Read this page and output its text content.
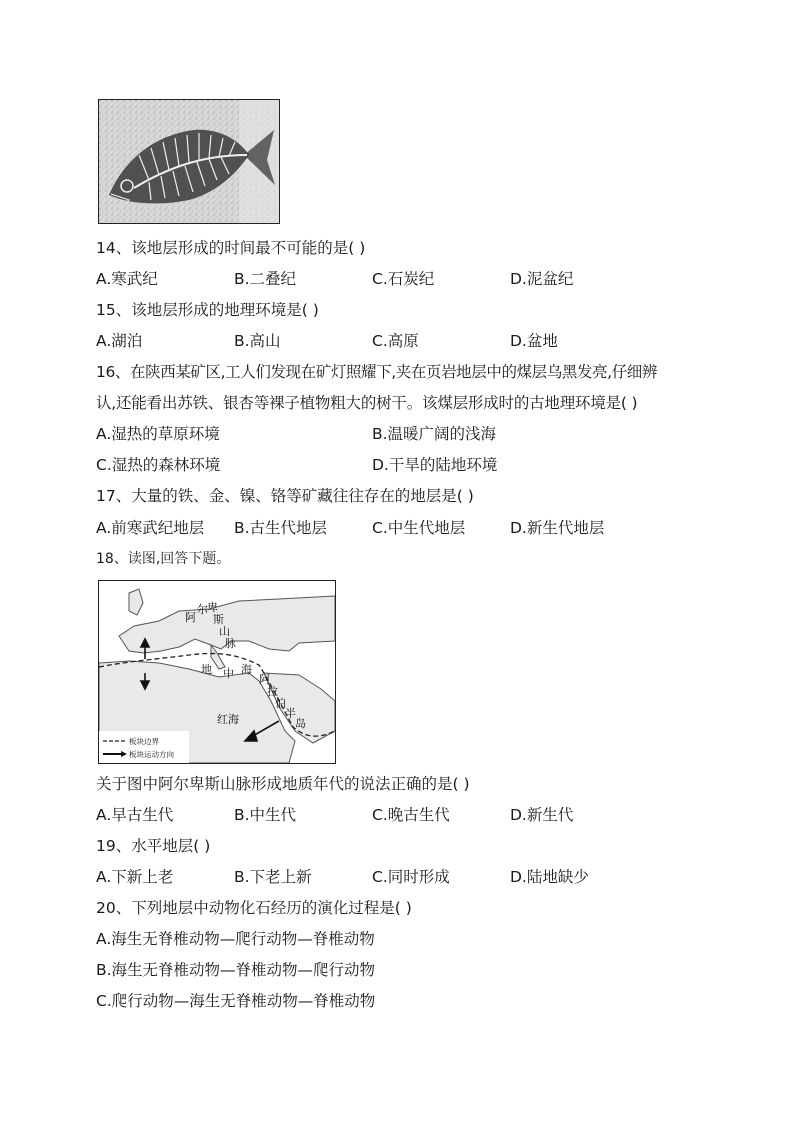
14、该地层形成的时间最不可能的是( )
A.寒武纪	B.二叠纪	C.石炭纪	D.泥盆纪
15、该地层形成的地理环境是( )
A.湖泊	B.高山	C.高原	D.盆地
16、在陕西某矿区,工人们发现在矿灯照耀下,夹在页岩地层中的煤层乌黑发亮,仔细辨
认,还能看出苏铁、银杏等裸子植物粗大的树干。该煤层形成时的古地理环境是( )
A.湿热的草原环境	B.温暖广阔的浅海
C.湿热的森林环境	D.干旱的陆地环境
17、大量的铁、金、镍、铬等矿藏往往存在的地层是( )
A.前寒武纪地层 B.古生代地层	C.中生代地层	D.新生代地层
18、读图,回答下题。
阿
尔 卑
斯
山
脉
地 中 海
阿
拉
伯
半
岛
红海
板块边界
板块运动方向
关于图中阿尔卑斯山脉形成地质年代的说法正确的是( )
A.早古生代	B.中生代	C.晚古生代	D.新生代
19、水平地层( )
A.下新上老	B.下老上新	C.同时形成	D.陆地缺少
20、下列地层中动物化石经历的演化过程是( )
A.海生无脊椎动物—爬行动物—脊椎动物
B.海生无脊椎动物—脊椎动物—爬行动物
C.爬行动物—海生无脊椎动物—脊椎动物
